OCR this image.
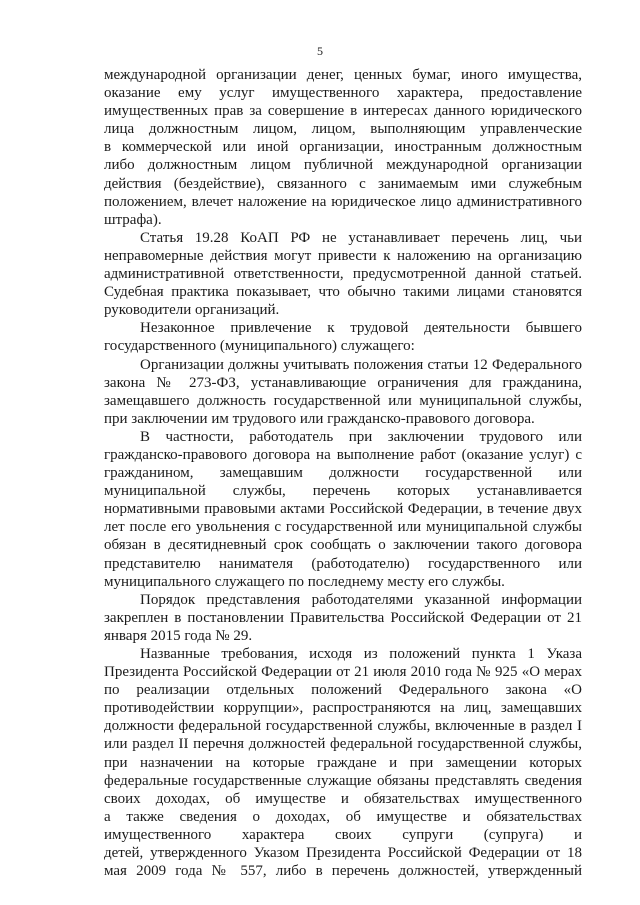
5
международной организации денег, ценных бумаг, иного имущества,
оказание ему услуг имущественного характера, предоставление
имущественных прав за совершение в интересах данного юридического
лица должностным лицом, лицом, выполняющим управленческие
в коммерческой или иной организации, иностранным должностным
либо должностным лицом публичной международной организации
действия (бездействие), связанного с занимаемым ими служебным
положением, влечет наложение на юридическое лицо административного
штрафа).
Статья 19.28 КоАП РФ не устанавливает перечень лиц, чьи
неправомерные действия могут привести к наложению на организацию
административной ответственности, предусмотренной данной статьей.
Судебная практика показывает, что обычно такими лицами становятся
руководители организаций.
Незаконное привлечение к трудовой деятельности бывшего
государственного (муниципального) служащего:
Организации должны учитывать положения статьи 12 Федерального
закона № 273-ФЗ, устанавливающие ограничения для гражданина,
замещавшего должность государственной или муниципальной службы,
при заключении им трудового или гражданско-правового договора.
В частности, работодатель при заключении трудового или
гражданско-правового договора на выполнение работ (оказание услуг) с
гражданином, замещавшим должности государственной или
муниципальной службы, перечень которых устанавливается
нормативными правовыми актами Российской Федерации, в течение двух
лет после его увольнения с государственной или муниципальной службы
обязан в десятидневный срок сообщать о заключении такого договора
представителю нанимателя (работодателю) государственного или
муниципального служащего по последнему месту его службы.
Порядок представления работодателями указанной информации
закреплен в постановлении Правительства Российской Федерации от 21
января 2015 года № 29.
Названные требования, исходя из положений пункта 1 Указа
Президента Российской Федерации от 21 июля 2010 года № 925 «О мерах
по реализации отдельных положений Федерального закона «О
противодействии коррупции», распространяются на лиц, замещавших
должности федеральной государственной службы, включенные в раздел I
или раздел II перечня должностей федеральной государственной службы,
при назначении на которые граждане и при замещении которых
федеральные государственные служащие обязаны представлять сведения
своих доходах, об имуществе и обязательствах имущественного
а также сведения о доходах, об имуществе и обязательствах
имущественного характера своих супруги (супруга) и
детей, утвержденного Указом Президента Российской Федерации от 18
мая 2009 года № 557, либо в перечень должностей, утвержденный
